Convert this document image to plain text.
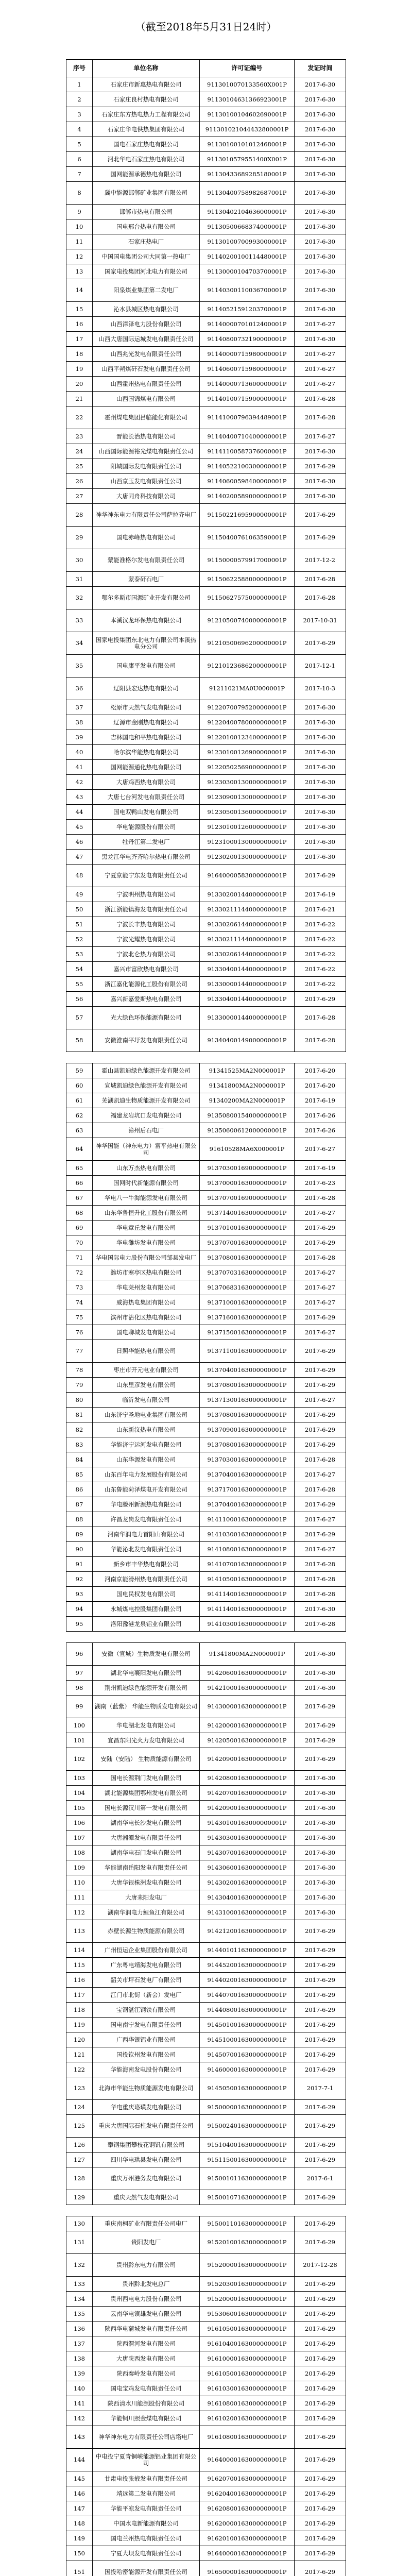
（截至2018年5月31日24时）
序号	单位名称	许可证编号	发证时间
1	石家庄市新惠热电有限公司	9113010070133560X001P	2017-6-30
2	石家庄良村热电有限公司	91130104631366923001P	2017-6-30
3	石家庄东方热电热力工程有限公司	91130100104602690001P	2017-6-30
4	石家庄华电供热集团有限公司	911301021044432800001P	2017-6-30
5	国电石家庄热电有限公司	91130100101012468001P	2017-6-30
6	河北华电石家庄热电有限公司	9113010579551400X001P	2017-6-30
7	国网能源承德热电有限公司	91130433689285180001P	2017-6-30
8	冀中能源邯郸矿业集团有限公司	91130400758982687001P	2017-6-30
9	邯郸市热电有限公司	91130402104636000001P	2017-6-30
10	国电邢台热电有限公司	91130500668374000001P	2017-6-30
11	石家庄热电厂	91130100700993000001P	2017-6-30
12	中国国电集团公司大同第一热电厂	91140200100114480001P	2017-6-30
13	国家电投集团河北电力有限公司	91130000104703700001P	2017-6-30
14	阳泉煤业集团第二发电厂	91140300110036700001P	2017-6-30
15	沁水县城区热电有限公司	91140521591203700001P	2017-6-30
16	山西漳泽电力股份有限公司	91140000701012400001P	2017-6-27
17	山西大唐国际运城发电有限责任公司	91140800732190000001P	2017-6-30
18	山西兆光发电有限责任公司	91140000715980000001P	2017-6-27
19	山西平朔煤矸石发电有限责任公司	91140600715980000001P	2017-6-27
20	山西霍州热电有限责任公司	91140000713600000001P	2017-6-27
21	山西国锦煤电有限公司	91140100715900000001P	2017-6-28
22	霍州煤电集团吕临能化有限公司	91141000796394489001P	2017-6-28
23	晋能长治热电有限公司	91140400710400000001P	2017-6-27
24	山西国际能源裕光煤电有限责任公司	91141100587376000001P	2017-6-30
25	阳城国际发电有限责任公司	91140522100300000001P	2017-6-29
26	山西京玉发电有限责任公司	91140600598400000001P	2017-6-30
27	大唐同舟科技有限公司	91140200589000000001P	2017-6-30
28	神华神东电力有限责任公司萨拉齐电厂	91150221695900000001P	2017-6-29
29	国电赤峰热电有限公司	91150400761063590001P	2017-6-29
30	蒙能准格尔发电有限责任公司	91150000579917000001P	2017-12-2
31	蒙泰矸石电厂	91150622588000000001P	2017-6-28
32	鄂尔多斯市国源矿业开发有限公司	91150627575000000001P	2017-6-28
33	本溪汉龙环保热电有限公司	91210500740000000001P	2017-10-31
34	国家电投集团东北电力有限公司本溪热电分公司	91210500696200000001P	2017-6-29
35	国电康平发电有限公司	91210123686200000001P	2017-12-1
36	辽阳县宏达热电有限公司	91211021MA0U000001P	2017-10-3
37	松原市天然气发电有限公司	91220700795200000001P	2017-6-30
38	辽源市金刚热电有限公司	91220400780000000001P	2017-6-30
39	吉林国电和平热电有限公司	91220100123400000001P	2017-6-30
40	哈尔滨华能热电有限公司	91230100126900000001P	2017-6-30
41	国网能源通化热电有限公司	91220502569000000001P	2017-6-30
42	大唐鸡西热电有限公司	91230300130000000001P	2017-6-30
43	大唐七台河发电有限责任公司	91230900130000000001P	2017-6-30
44	国电双鸭山发电有限公司	91230500136000000001P	2017-6-30
45	华电能源股份有限公司	91230100126000000001P	2017-6-30
46	牡丹江第二发电厂	91231000130000000001P	2017-6-30
47	黑龙江华电齐齐哈尔热电有限公司	91230200130000000001P	2017-6-30
48	宁夏京能宁东发电有限责任公司	91640000583000000001P	2017-6-29
49	宁波明州热电有限公司	91330200144000000001P	2017-6-19
50	浙江浙能镇海发电有限责任公司	91330211144000000001P	2017-6-21
51	宁波长丰热电有限公司	91330206144000000001P	2017-6-22
52	宁波光耀热电有限公司	91330211144000000001P	2017-6-22
53	宁波北仑热力有限公司	91330206144000000001P	2017-6-22
54	嘉兴市富欣热电有限公司	91330400144000000001P	2017-6-22
55	浙江嘉化能源化工股份有限公司	91330000144000000001P	2017-6-22
56	嘉兴新嘉爱斯热电有限公司	91330400144000000001P	2017-6-29
57	光大绿色环保能源有限公司	91330000144000000001P	2017-6-28
58	安徽淮南平圩发电有限责任公司	91340400149000000001P	2017-6-28

59	霍山县凯迪绿色能源开发有限公司	91341525MA2N000001P	2017-6-20
60	宣城凯迪绿色能源开发有限公司	91341800MA2N000001P	2017-6-20
61	芜湖凯迪生物质能源开发有限公司	91340200MA2N000001P	2017-6-19
62	福建龙岩坑口发电有限公司	91350800154000000001P	2017-6-26
63	漳州后石电厂	91350600612000000001P	2017-6-26
64	神华国能（神东电力）富平热电有限公司	91610528MA6X000001P	2017-6-27
65	山东万杰热电有限公司	91370300169000000001P	2017-6-19
66	国网时代新能源有限公司	91370000163000000001P	2017-6-23
67	华电八一牛海能源发电有限公司	91370700169000000001P	2017-6-28
68	山东华鲁恒升化工股份有限公司	91371400163000000001P	2017-6-27
69	华电章丘发电有限公司	91370100163000000001P	2017-6-29
70	华电潍坊发电有限公司	91370700163000000001P	2017-6-29
71	华电国际电力股份有限公司邹县发电厂	91370800163000000001P	2017-6-28
72	潍坊市寒亭区热电有限公司	91370703163000000001P	2017-6-27
73	华电莱州发电有限公司	91370683163000000001P	2017-6-27
74	威海热电集团有限公司	91371000163000000001P	2017-6-27
75	滨州市沾化区热电有限公司	91371600163000000001P	2017-6-29
76	国电聊城发电有限公司	91371500163000000001P	2017-6-27
77	日照华能热电有限公司	91371100163000000001P	2017-6-29
78	枣庄市开元电业有限公司	91370400163000000001P	2017-6-29
79	山东里彦发电有限公司	91370800163000000001P	2017-6-29
80	临沂发电有限公司	91371300163000000001P	2017-6-27
81	山东济宁圣地电业集团有限公司	91370800163000000001P	2017-6-29
82	山东新汶热电有限公司	91370900163000000001P	2017-6-29
83	华能济宁运河发电有限公司	91370800163000000001P	2017-6-29
84	山东华源发电有限公司	91370300163000000001P	2017-6-28
85	山东百年电力发展股份有限公司	91370400163000000001P	2017-6-27
86	山东鲁能菏泽煤电开发有限公司	91371700163000000001P	2017-6-28
87	华电滕州新源热电有限公司	91370400163000000001P	2017-6-29
88	许昌龙岗发电有限责任公司	91411000163000000001P	2017-6-27
89	河南华润电力首阳山有限公司	91410300163000000001P	2017-6-29
90	华能沁北发电有限责任公司	91410800163000000001P	2017-6-27
91	新乡市丰华热电有限公司	91410700163000000001P	2017-6-28
92	河南京能滑州热电有限责任公司	91410500163000000001P	2017-6-28
93	国电民权发电有限公司	91411400163000000001P	2017-6-28
94	永城煤电控股集团有限公司	91411400163000000001P	2017-6-30
95	洛阳豫港龙泉铝业有限公司	91410300163000000001P	2017-6-28

96	安徽（宣城）生物质发电有限公司	91341800MA2N000001P	2017-6-30
97	湖北华电襄阳发电有限公司	91420600163000000001P	2017-6-30
98	荆州凯迪绿色能源开发有限公司	91421000163000000001P	2017-6-30
99	湖南（蓝紫） 华能生物质发电有限公司	91430000163000000001P	2017-6-29
100	华电湖北发电有限公司	91420000163000000001P	2017-6-29
101	宜昌东阳光火力发电有限公司	91420500163000000001P	2017-6-29
102	安陆（安陆） 生物质能源有限公司	91420900163000000001P	2017-6-29
103	国电长源荆门发电有限公司	91420800163000000001P	2017-6-30
104	湖北能源集团鄂州发电有限公司	91420700163000000001P	2017-6-30
105	国电长源汉川第一发电有限公司	91420900163000000001P	2017-6-30
106	湖南华电长沙发电有限公司	91430100163000000001P	2017-6-30
107	大唐湘潭发电有限责任公司	91430300163000000001P	2017-6-30
108	湖南华电石门发电有限公司	91430700163000000001P	2017-6-30
109	华能湖南岳阳发电有限责任公司	91430600163000000001P	2017-6-30
110	大唐华银株洲发电有限公司	91430200163000000001P	2017-6-30
111	大唐耒阳发电厂	91430400163000000001P	2017-6-30
112	湖南华润电力鲤鱼江有限公司	91431000163000000001P	2017-6-30
113	赤壁长源生物质能源有限公司	91421200163000000001P	2017-6-29
114	广州恒运企业集团股份有限公司	91440101163000000001P	2017-6-29
115	广东粤电靖海发电有限公司	91445200163000000001P	2017-6-29
116	韶关市坪石发电厂有限公司	91440200163000000001P	2017-6-29
117	江门市北街（新会）发电厂	91440700163000000001P	2017-6-29
118	宝钢湛江钢铁有限公司	91440800163000000001P	2017-6-29
119	国电南宁发电有限责任公司	91450100163000000001P	2017-6-29
120	广西华银铝业有限公司	91451000163000000001P	2017-6-29
121	国投钦州发电有限公司	91450700163000000001P	2017-6-29
122	华能海南发电股份有限公司	91460000163000000001P	2017-6-29
123	北海市华能生物质能源发电有限公司	91450500163000000001P	2017-7-1
124	华电重庆珞璜发电有限公司	91500000163000000001P	2017-6-29
125	重庆大唐国际石柱发电有限责任公司	91500240163000000001P	2017-6-29
126	攀钢集团攀枝花钢钒有限公司	91510400163000000001P	2017-6-29
127	四川华电珙县发电有限公司	91511500163000000001P	2017-6-29
128	重庆万州港务发电有限公司	91500101163000000001P	2017-6-1
129	重庆天然气发电有限公司	91500107163000000001P	2017-6-29

130	重庆南桐矿业有限责任公司电厂	91500110163000000001P	2017-6-29
131	贵阳发电厂	91520100163000000001P	2017-6-29
132	贵州黔东电力有限公司	91520000163000000001P	2017-12-28
133	贵州黔北发电总厂	91520300163000000001P	2017-6-29
134	贵州西电电力股份有限公司	91520000163000000001P	2017-6-29
135	云南华电镇雄发电有限公司	91530600163000000001P	2017-6-29
136	陕西华电蒲城发电有限责任公司	91610500163000000001P	2017-6-29
137	陕西渭河发电有限公司	91610400163000000001P	2017-6-29
138	大唐陕西发电有限公司	91610000163000000001P	2017-6-29
139	陕西秦岭发电有限公司	91610500163000000001P	2017-6-29
140	国电宝鸡发电有限责任公司	91610300163000000001P	2017-6-29
141	陕西清水川能源股份有限公司	91610800163000000001P	2017-6-29
142	华能铜川照金煤电有限公司	91610200163000000001P	2017-6-29
143	神华神东电力有限责任公司店塔电厂	91610800163000000001P	2017-6-29
144	中电投宁夏青铜峡能源铝业集团有限公司	91640000163000000001P	2017-6-29
145	甘肃电投张掖发电有限责任公司	91620700163000000001P	2017-6-29
146	靖远第二发电有限公司	91620400163000000001P	2017-6-29
147	华能平凉发电有限责任公司	91620800163000000001P	2017-6-29
148	中国水电新能源有限公司	91620000163000000001P	2017-6-29
149	国电兰州热电有限责任公司	91620100163000000001P	2017-6-29
150	宁夏大坝发电有限责任公司	91640000163000000001P	2017-6-29
151	国投哈密能源开发有限责任公司	91650000163000000001P	2017-6-29
